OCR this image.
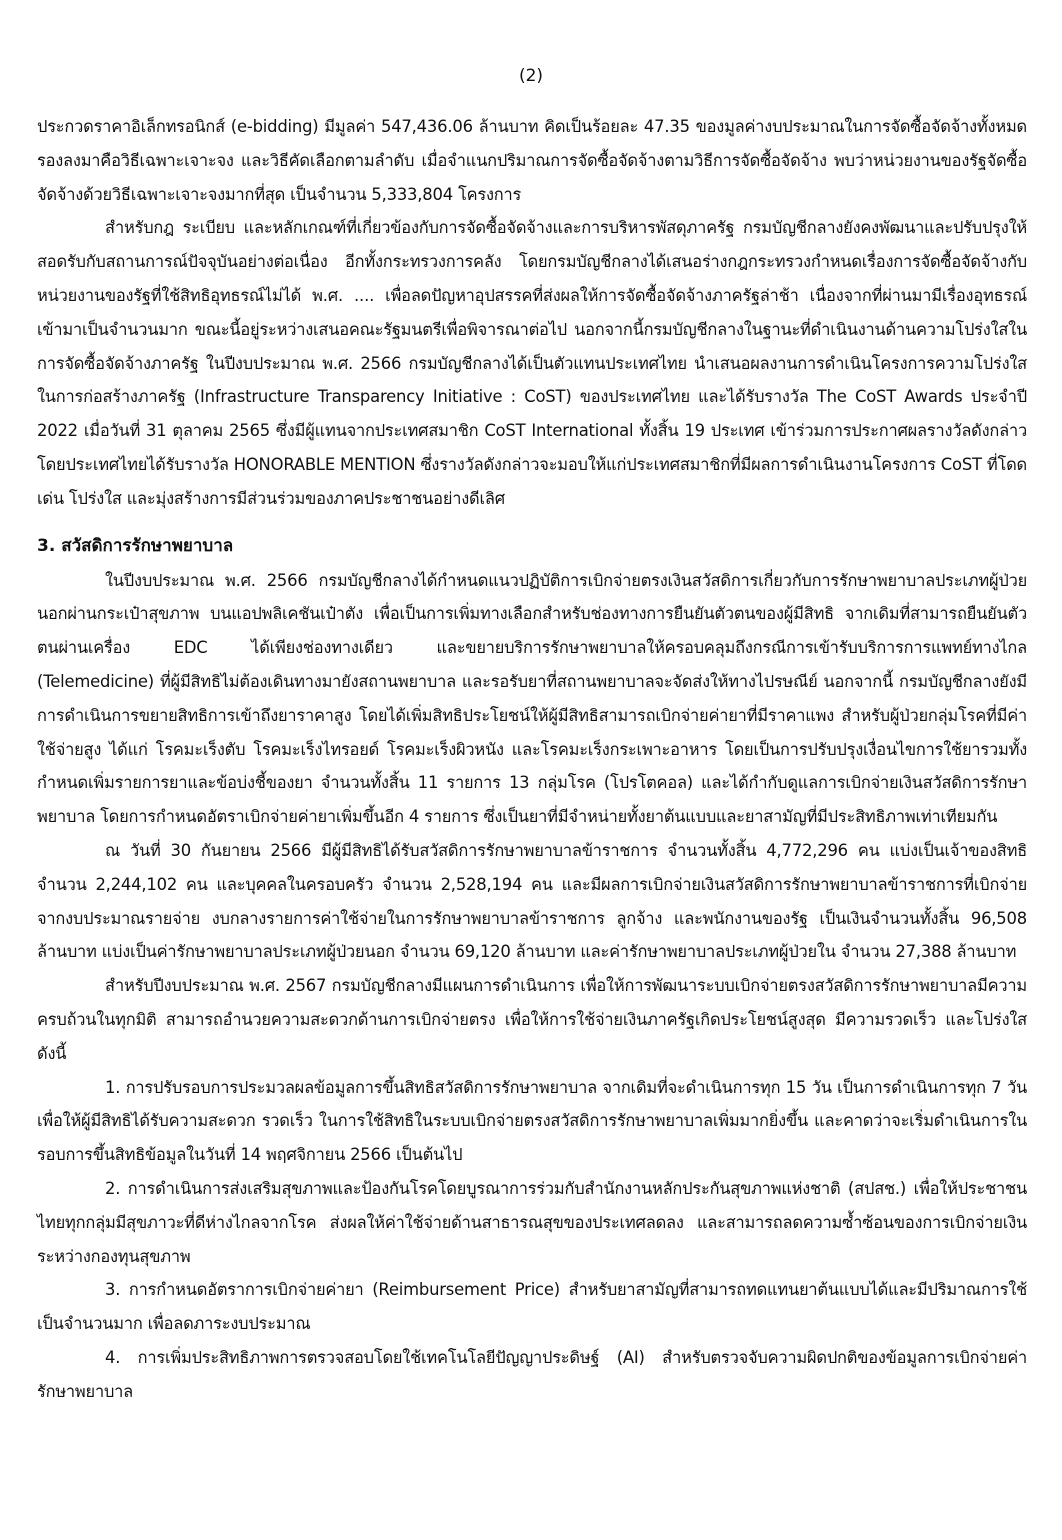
(2)

ประกวดราคาอิเล็กทรอนิกส์ (e-bidding) มีมูลค่า 547,436.06 ล้านบาท คิดเป็นร้อยละ 47.35 ของมูลค่างบประมาณในการจัดซื้อจัดจ้างทั้งหมด รองลงมาคือวิธีเฉพาะเจาะจง และวิธีคัดเลือกตามลำดับ เมื่อจำแนกปริมาณการจัดซื้อจัดจ้างตามวิธีการจัดซื้อจัดจ้าง พบว่าหน่วยงานของรัฐจัดซื้อจัดจ้างด้วยวิธีเฉพาะเจาะจงมากที่สุด เป็นจำนวน 5,333,804 โครงการ

สำหรับกฎ ระเบียบ และหลักเกณฑ์ที่เกี่ยวข้องกับการจัดซื้อจัดจ้างและการบริหารพัสดุภาครัฐ กรมบัญชีกลางยังคงพัฒนาและปรับปรุงให้สอดรับกับสถานการณ์ปัจจุบันอย่างต่อเนื่อง อีกทั้งกระทรวงการคลัง โดยกรมบัญชีกลางได้เสนอร่างกฎกระทรวงกำหนดเรื่องการจัดซื้อจัดจ้างกับหน่วยงานของรัฐที่ใช้สิทธิอุทธรณ์ไม่ได้ พ.ศ. .... เพื่อลดปัญหาอุปสรรคที่ส่งผลให้การจัดซื้อจัดจ้างภาครัฐล่าช้า เนื่องจากที่ผ่านมามีเรื่องอุทธรณ์เข้ามาเป็นจำนวนมาก ขณะนี้อยู่ระหว่างเสนอคณะรัฐมนตรีเพื่อพิจารณาต่อไป นอกจากนี้กรมบัญชีกลางในฐานะที่ดำเนินงานด้านความโปร่งใสในการจัดซื้อจัดจ้างภาครัฐ ในปีงบประมาณ พ.ศ. 2566 กรมบัญชีกลางได้เป็นตัวแทนประเทศไทย นำเสนอผลงานการดำเนินโครงการความโปร่งใสในการก่อสร้างภาครัฐ (Infrastructure Transparency Initiative : CoST) ของประเทศไทย และได้รับรางวัล The CoST Awards ประจำปี 2022 เมื่อวันที่ 31 ตุลาคม 2565 ซึ่งมีผู้แทนจากประเทศสมาชิก CoST International ทั้งสิ้น 19 ประเทศ เข้าร่วมการประกาศผลรางวัลดังกล่าว โดยประเทศไทยได้รับรางวัล HONORABLE MENTION ซึ่งรางวัลดังกล่าวจะมอบให้แก่ประเทศสมาชิกที่มีผลการดำเนินงานโครงการ CoST ที่โดดเด่น โปร่งใส และมุ่งสร้างการมีส่วนร่วมของภาคประชาชนอย่างดีเลิศ

3. สวัสดิการรักษาพยาบาล

ในปีงบประมาณ พ.ศ. 2566 กรมบัญชีกลางได้กำหนดแนวปฏิบัติการเบิกจ่ายตรงเงินสวัสดิการเกี่ยวกับการรักษาพยาบาลประเภทผู้ป่วยนอกผ่านกระเป๋าสุขภาพ บนแอปพลิเคชันเป๋าตัง เพื่อเป็นการเพิ่มทางเลือกสำหรับช่องทางการยืนยันตัวตนของผู้มีสิทธิ จากเดิมที่สามารถยืนยันตัวตนผ่านเครื่อง EDC ได้เพียงช่องทางเดียว และขยายบริการรักษาพยาบาลให้ครอบคลุมถึงกรณีการเข้ารับบริการการแพทย์ทางไกล (Telemedicine) ที่ผู้มีสิทธิไม่ต้องเดินทางมายังสถานพยาบาล และรอรับยาที่สถานพยาบาลจะจัดส่งให้ทางไปรษณีย์ นอกจากนี้ กรมบัญชีกลางยังมีการดำเนินการขยายสิทธิการเข้าถึงยาราคาสูง โดยได้เพิ่มสิทธิประโยชน์ให้ผู้มีสิทธิสามารถเบิกจ่ายค่ายาที่มีราคาแพง สำหรับผู้ป่วยกลุ่มโรคที่มีค่าใช้จ่ายสูง ได้แก่ โรคมะเร็งตับ โรคมะเร็งไทรอยด์ โรคมะเร็งผิวหนัง และโรคมะเร็งกระเพาะอาหาร โดยเป็นการปรับปรุงเงื่อนไขการใช้ยารวมทั้งกำหนดเพิ่มรายการยาและข้อบ่งชี้ของยา จำนวนทั้งสิ้น 11 รายการ 13 กลุ่มโรค (โปรโตคอล) และได้กำกับดูแลการเบิกจ่ายเงินสวัสดิการรักษาพยาบาล โดยการกำหนดอัตราเบิกจ่ายค่ายาเพิ่มขึ้นอีก 4 รายการ ซึ่งเป็นยาที่มีจำหน่ายทั้งยาต้นแบบและยาสามัญที่มีประสิทธิภาพเท่าเทียมกัน

ณ วันที่ 30 กันยายน 2566 มีผู้มีสิทธิได้รับสวัสดิการรักษาพยาบาลข้าราชการ จำนวนทั้งสิ้น 4,772,296 คน แบ่งเป็นเจ้าของสิทธิ จำนวน 2,244,102 คน และบุคคลในครอบครัว จำนวน 2,528,194 คน และมีผลการเบิกจ่ายเงินสวัสดิการรักษาพยาบาลข้าราชการที่เบิกจ่ายจากงบประมาณรายจ่าย งบกลางรายการค่าใช้จ่ายในการรักษาพยาบาลข้าราชการ ลูกจ้าง และพนักงานของรัฐ เป็นเงินจำนวนทั้งสิ้น 96,508 ล้านบาท แบ่งเป็นค่ารักษาพยาบาลประเภทผู้ป่วยนอก จำนวน 69,120 ล้านบาท และค่ารักษาพยาบาลประเภทผู้ป่วยใน จำนวน 27,388 ล้านบาท

สำหรับปีงบประมาณ พ.ศ. 2567 กรมบัญชีกลางมีแผนการดำเนินการ เพื่อให้การพัฒนาระบบเบิกจ่ายตรงสวัสดิการรักษาพยาบาลมีความครบถ้วนในทุกมิติ สามารถอำนวยความสะดวกด้านการเบิกจ่ายตรง เพื่อให้การใช้จ่ายเงินภาครัฐเกิดประโยชน์สูงสุด มีความรวดเร็ว และโปร่งใส ดังนี้

1. การปรับรอบการประมวลผลข้อมูลการขึ้นสิทธิสวัสดิการรักษาพยาบาล จากเดิมที่จะดำเนินการทุก 15 วัน เป็นการดำเนินการทุก 7 วัน เพื่อให้ผู้มีสิทธิได้รับความสะดวก รวดเร็ว ในการใช้สิทธิในระบบเบิกจ่ายตรงสวัสดิการรักษาพยาบาลเพิ่มมากยิ่งขึ้น และคาดว่าจะเริ่มดำเนินการในรอบการขึ้นสิทธิข้อมูลในวันที่ 14 พฤศจิกายน 2566 เป็นต้นไป

2. การดำเนินการส่งเสริมสุขภาพและป้องกันโรคโดยบูรณาการร่วมกับสำนักงานหลักประกันสุขภาพแห่งชาติ (สปสช.) เพื่อให้ประชาชนไทยทุกกลุ่มมีสุขภาวะที่ดีห่างไกลจากโรค ส่งผลให้ค่าใช้จ่ายด้านสาธารณสุขของประเทศลดลง และสามารถลดความซ้ำซ้อนของการเบิกจ่ายเงินระหว่างกองทุนสุขภาพ

3. การกำหนดอัตราการเบิกจ่ายค่ายา (Reimbursement Price) สำหรับยาสามัญที่สามารถทดแทนยาต้นแบบได้และมีปริมาณการใช้เป็นจำนวนมาก เพื่อลดภาระงบประมาณ

4. การเพิ่มประสิทธิภาพการตรวจสอบโดยใช้เทคโนโลยีปัญญาประดิษฐ์ (AI) สำหรับตรวจจับความผิดปกติของข้อมูลการเบิกจ่ายค่ารักษาพยาบาล
